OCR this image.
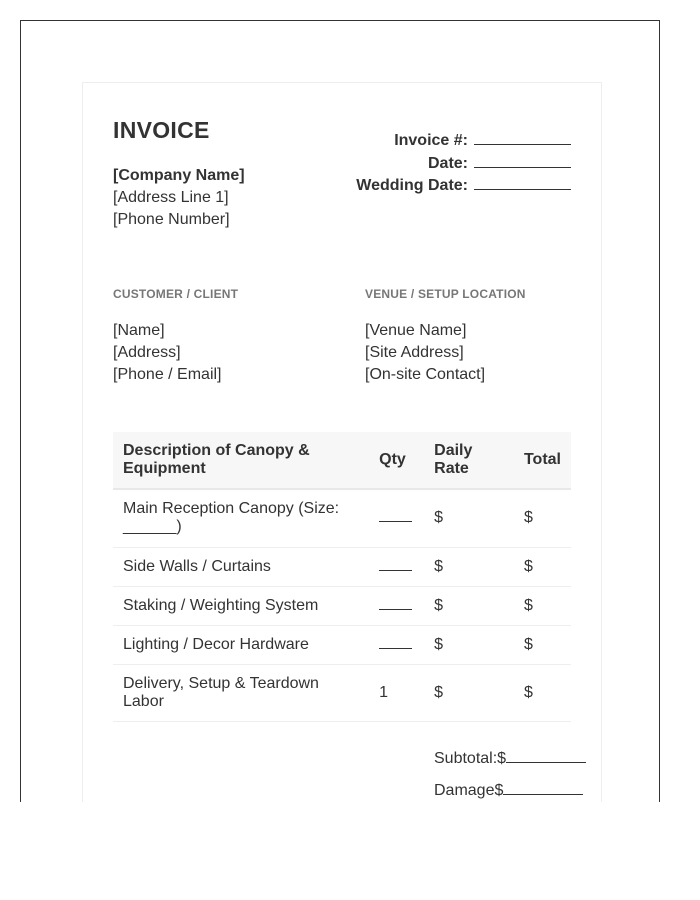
INVOICE
[Company Name]
[Address Line 1]
[Phone Number]
Invoice #:
Date:
Wedding Date:
CUSTOMER / CLIENT
[Name]
[Address]
[Phone / Email]
VENUE / SETUP LOCATION
[Venue Name]
[Site Address]
[On-site Contact]
Description of Canopy & Equipment	Qty	Daily Rate	Total
Main Reception Canopy (Size: ______)		$	$
Side Walls / Curtains		$	$
Staking / Weighting System		$	$
Lighting / Decor Hardware		$	$
Delivery, Setup & Teardown Labor	1	$	$
Subtotal:$
Damage$
